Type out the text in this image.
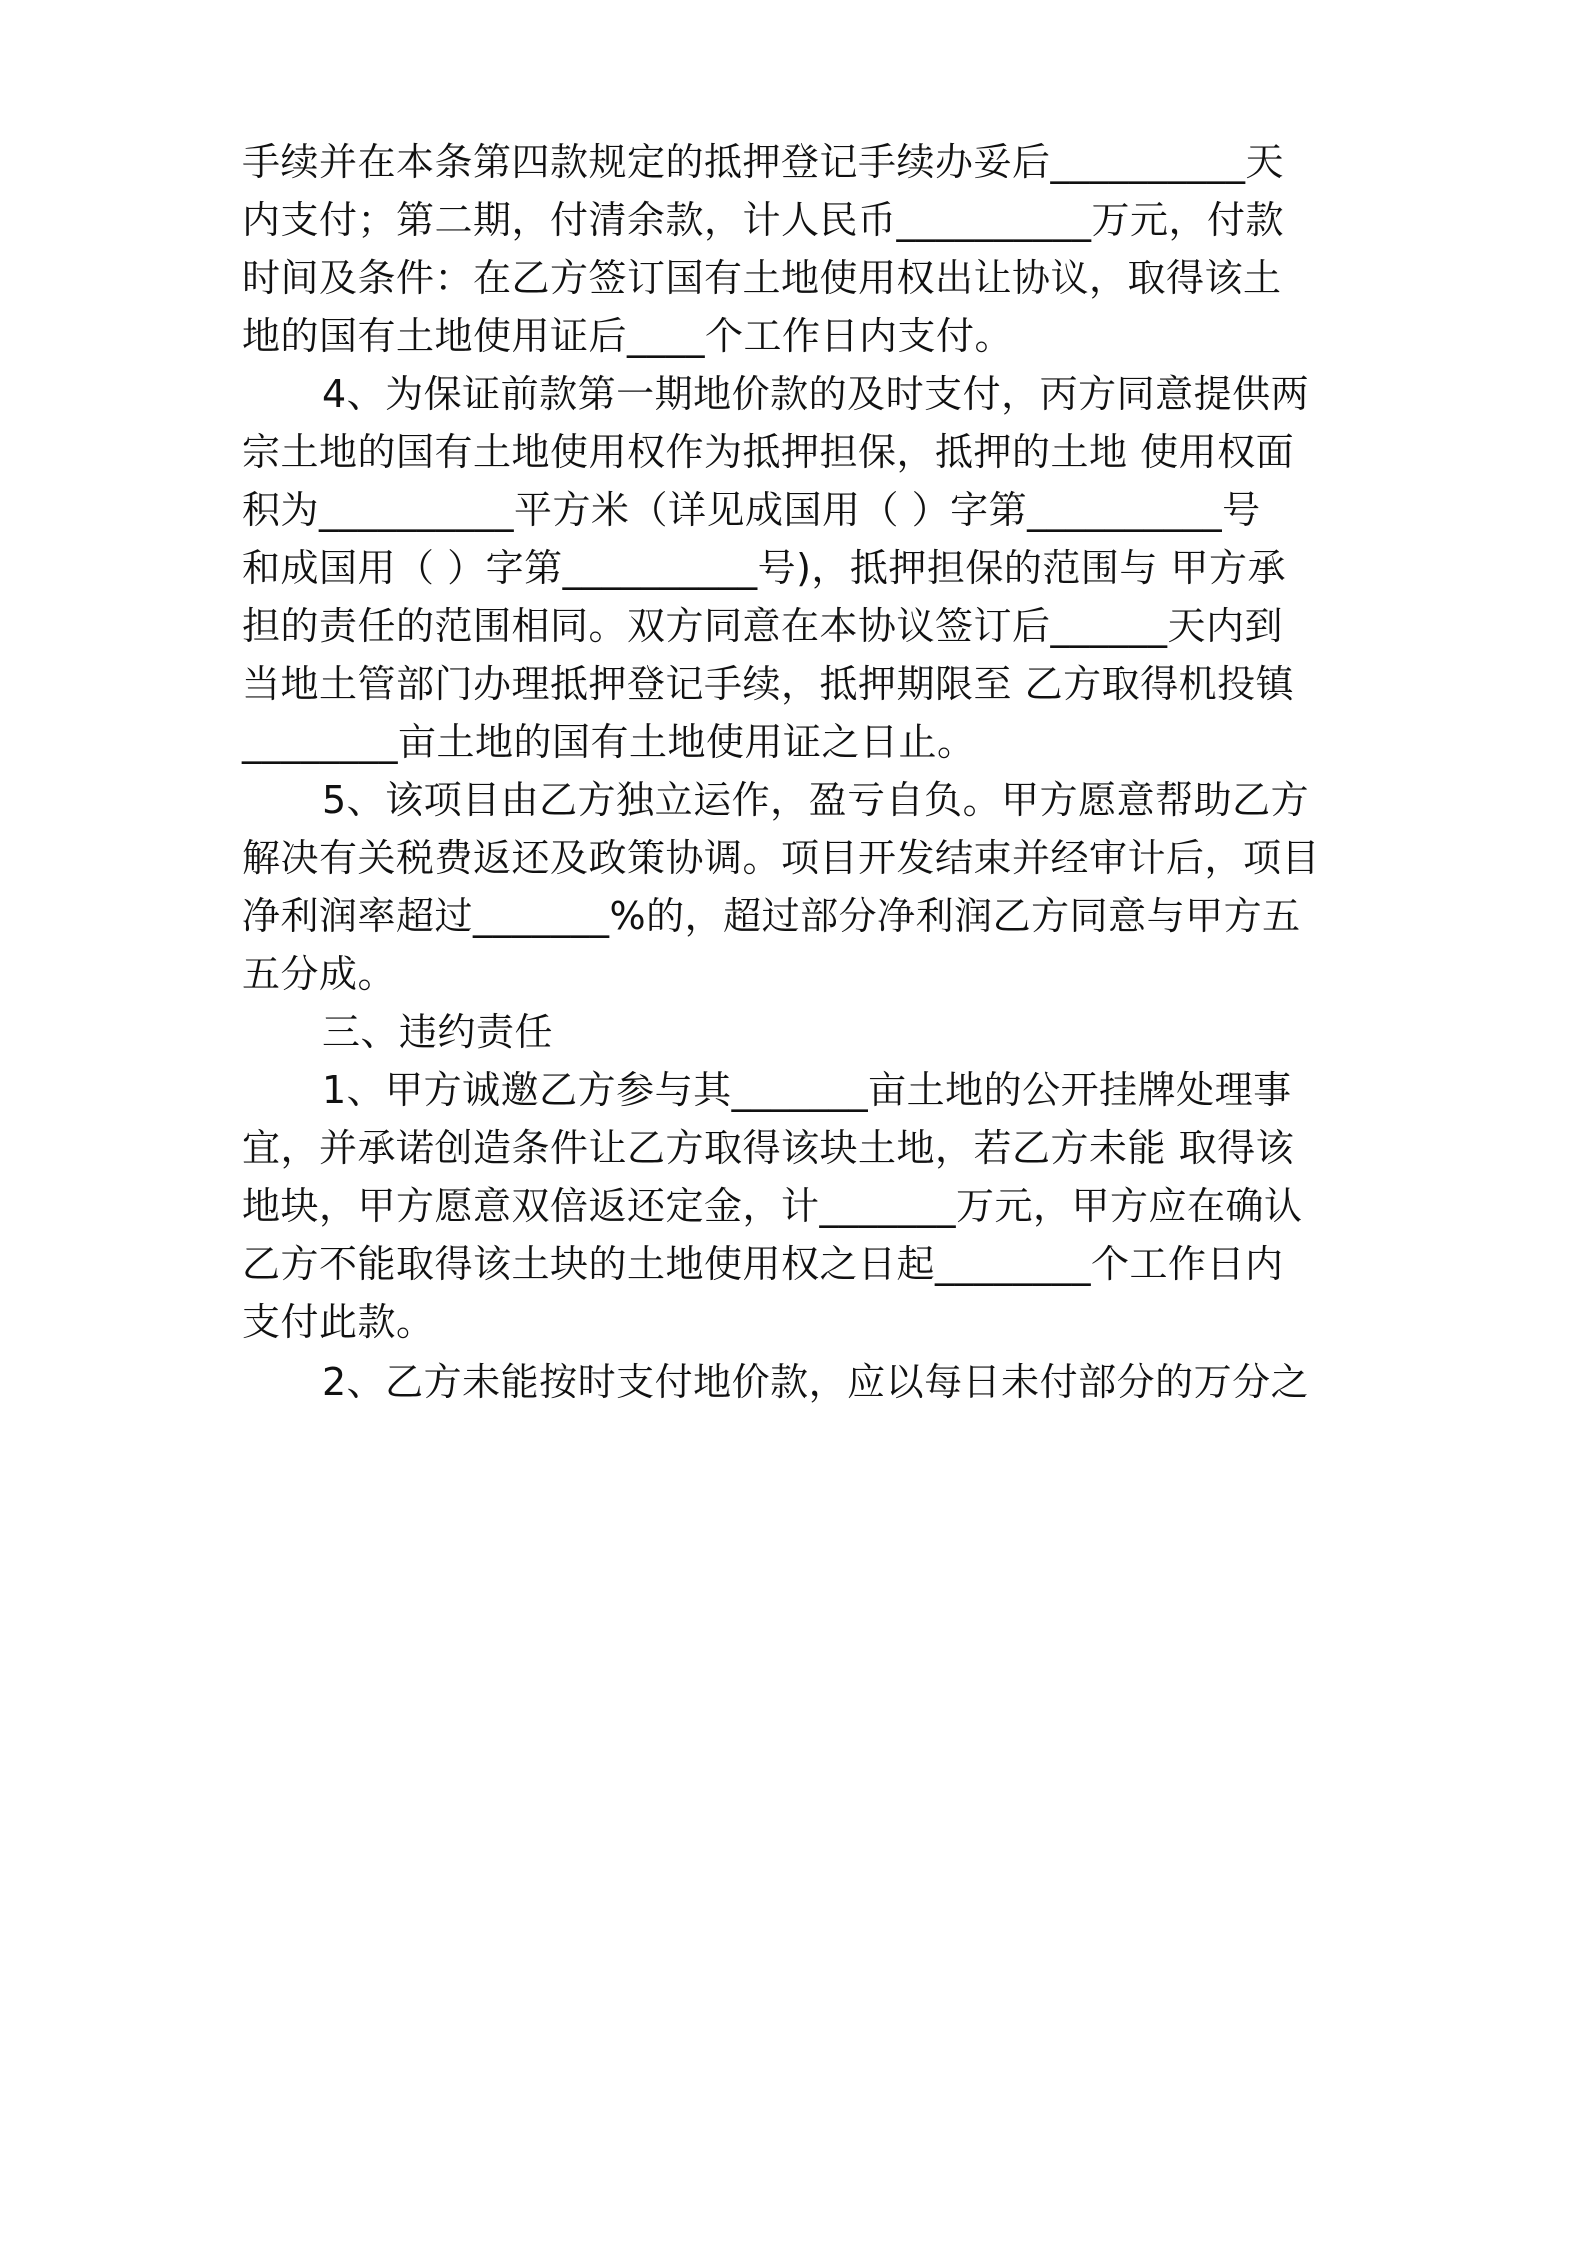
手续并在本条第四款规定的抵押登记手续办妥后__________天
内支付；第二期，付清余款，计人民币__________万元，付款
时间及条件：在乙方签订国有土地使用权出让协议，取得该土
地的国有土地使用证后____个工作日内支付。
4、为保证前款第一期地价款的及时支付，丙方同意提供两
宗土地的国有土地使用权作为抵押担保，抵押的土地 使用权面
积为__________平方米（详见成国用（ ）字第__________号
和成国用（ ）字第__________号)，抵押担保的范围与 甲方承
担的责任的范围相同。双方同意在本协议签订后______天内到
当地土管部门办理抵押登记手续，抵押期限至 乙方取得机投镇
________亩土地的国有土地使用证之日止。
5、该项目由乙方独立运作，盈亏自负。甲方愿意帮助乙方
解决有关税费返还及政策协调。项目开发结束并经审计后，项目
净利润率超过_______%的，超过部分净利润乙方同意与甲方五
五分成。
三、违约责任
1、甲方诚邀乙方参与其_______亩土地的公开挂牌处理事
宜，并承诺创造条件让乙方取得该块土地，若乙方未能 取得该
地块，甲方愿意双倍返还定金，计_______万元，甲方应在确认
乙方不能取得该土块的土地使用权之日起________个工作日内
支付此款。
2、乙方未能按时支付地价款，应以每日未付部分的万分之
